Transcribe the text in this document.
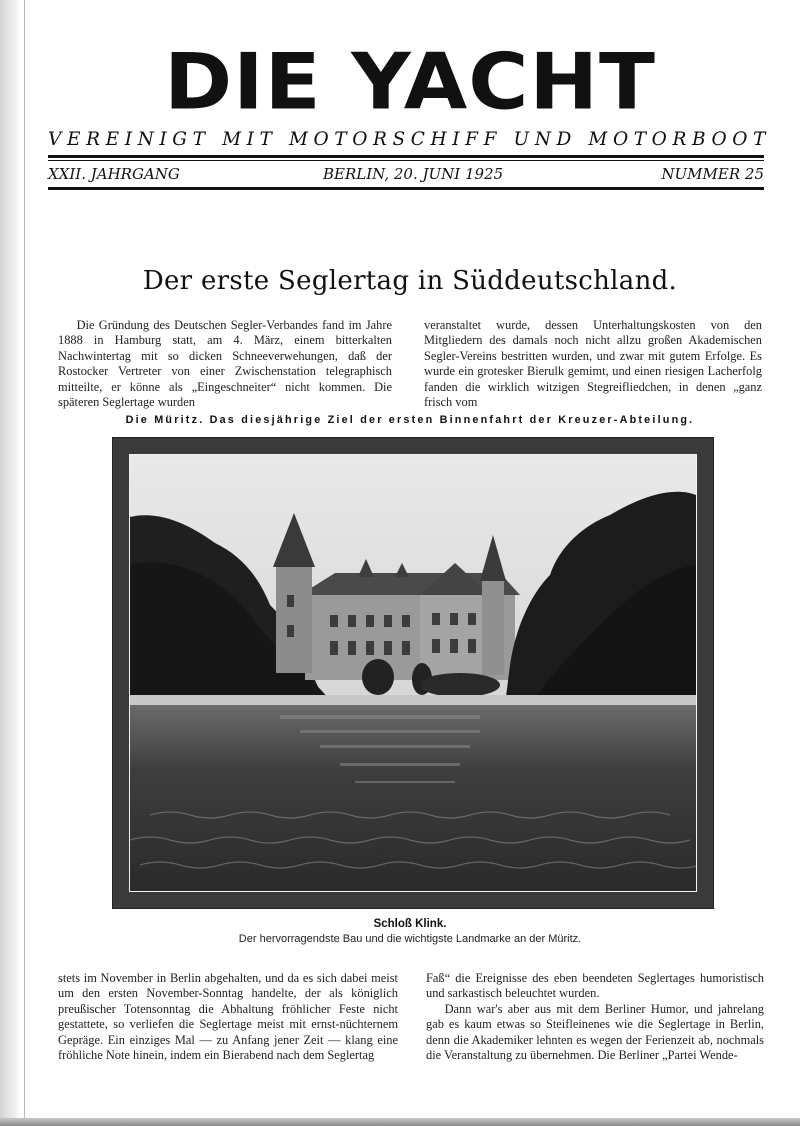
DIE YACHT
VEREINIGT MIT MOTORSCHIFF UND MOTORBOOT
XXII. JAHRGANG	BERLIN, 20. JUNI 1925	NUMMER 25
Der erste Seglertag in Süddeutschland.

Die Gründung des Deutschen Segler-Verbandes fand im Jahre 1888 in Hamburg statt, am 4. März, einem bitterkalten Nachwintertag mit so dicken Schneeverwehungen, daß der Rostocker Vertreter von einer Zwischenstation telegraphisch mitteilte, er könne als „Eingeschneiter“ nicht kommen. Die späteren Seglertage wurden

veranstaltet wurde, dessen Unterhaltungskosten von den Mitgliedern des damals noch nicht allzu großen Akademischen Segler-Vereins bestritten wurden, und zwar mit gutem Erfolge. Es wurde ein grotesker Bierulk gemimt, und einen riesigen Lacherfolg fanden die wirklich witzigen Stegreifliedchen, in denen „ganz frisch vom

Die Müritz. Das diesjährige Ziel der ersten Binnenfahrt der Kreuzer-Abteilung.
Schloß Klink.
Der hervorragendste Bau und die wichtigste Landmarke an der Müritz.

stets im November in Berlin abgehalten, und da es sich dabei meist um den ersten November-Sonntag handelte, der als königlich preußischer Totensonntag die Abhaltung fröhlicher Feste nicht gestattete, so verliefen die Seglertage meist mit ernst-nüchternem Gepräge. Ein einziges Mal — zu Anfang jener Zeit — klang eine fröhliche Note hinein, indem ein Bierabend nach dem Seglertag

Faß“ die Ereignisse des eben beendeten Seglertages humoristisch und sarkastisch beleuchtet wurden.

Dann war's aber aus mit dem Berliner Humor, und jahrelang gab es kaum etwas so Steifleinenes wie die Seglertage in Berlin, denn die Akademiker lehnten es wegen der Ferienzeit ab, nochmals die Veranstaltung zu übernehmen. Die Berliner „Partei Wende-
